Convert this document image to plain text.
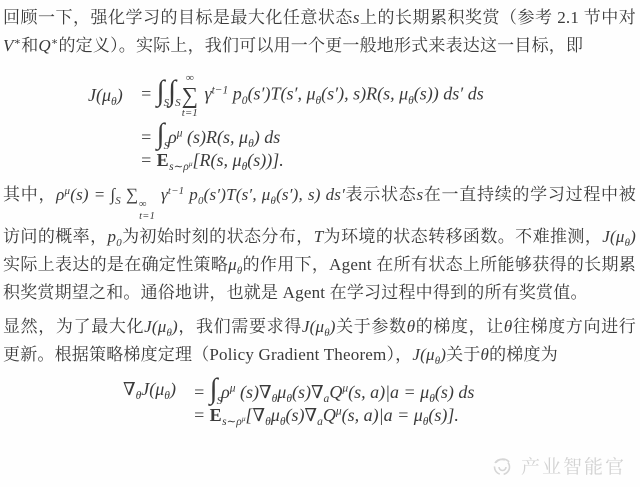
回顾一下，强化学习的目标是最大化任意状态s上的长期累积奖赏（参考 2.1 节中对V∗和Q∗的定义）。实际上，我们可以用一个更一般地形式来表达这一目标，即

$J(\mu_\theta) = \int_S\int_S$
∞
∑
t=1
$\gamma^{t-1}$ $p_0(s')T(s'$, $\mu_\theta(s')$, s)R(s, $\mu_\theta(s)$) ds′ ds
= $\int_S\rho^\mu$ (s)R(s, $\mu_\theta$) ds
= $E_{s\sim\rho^\mu}[R(s$, $\mu_\theta(s)$)].

其中，$\rho^\mu(s) = \int_S$ ∑
∞
t=1
$\gamma^{t-1}$ $p_0(s')T(s'$, $\mu_\theta(s')$, s) ds′表示状态s在一直持续的学习过程中被访问的概率，$p_0$为初始时刻的状态分布，T为环境的状态转移函数。不难推测，$J(\mu_\theta)$实际上表达的是在确定性策略$\mu_\theta$的作用下，Agent 在所有状态上所能够获得的长期累积奖赏期望之和。通俗地讲，也就是 Agent 在学习过程中得到的所有奖赏值。

显然，为了最大化$J(\mu_\theta)$，我们需要求得$J(\mu_\theta)$关于参数θ的梯度，让θ往梯度方向进行更新。根据策略梯度定理（Policy Gradient Theorem），$J(\mu_\theta)$关于θ的梯度为

$\nabla_\theta J(\mu_\theta) = \int_S\rho^\mu$ $(s)\nabla_\theta\mu_\theta(s)\nabla_aQ^\mu(s$, $a)|a = \mu_\theta(s)$ ds
= $E_{s\sim\rho^\mu}[\nabla_\theta\mu_\theta(s)\nabla_aQ^\mu(s$, $a)|a = \mu_\theta(s)$].
产业智能官
